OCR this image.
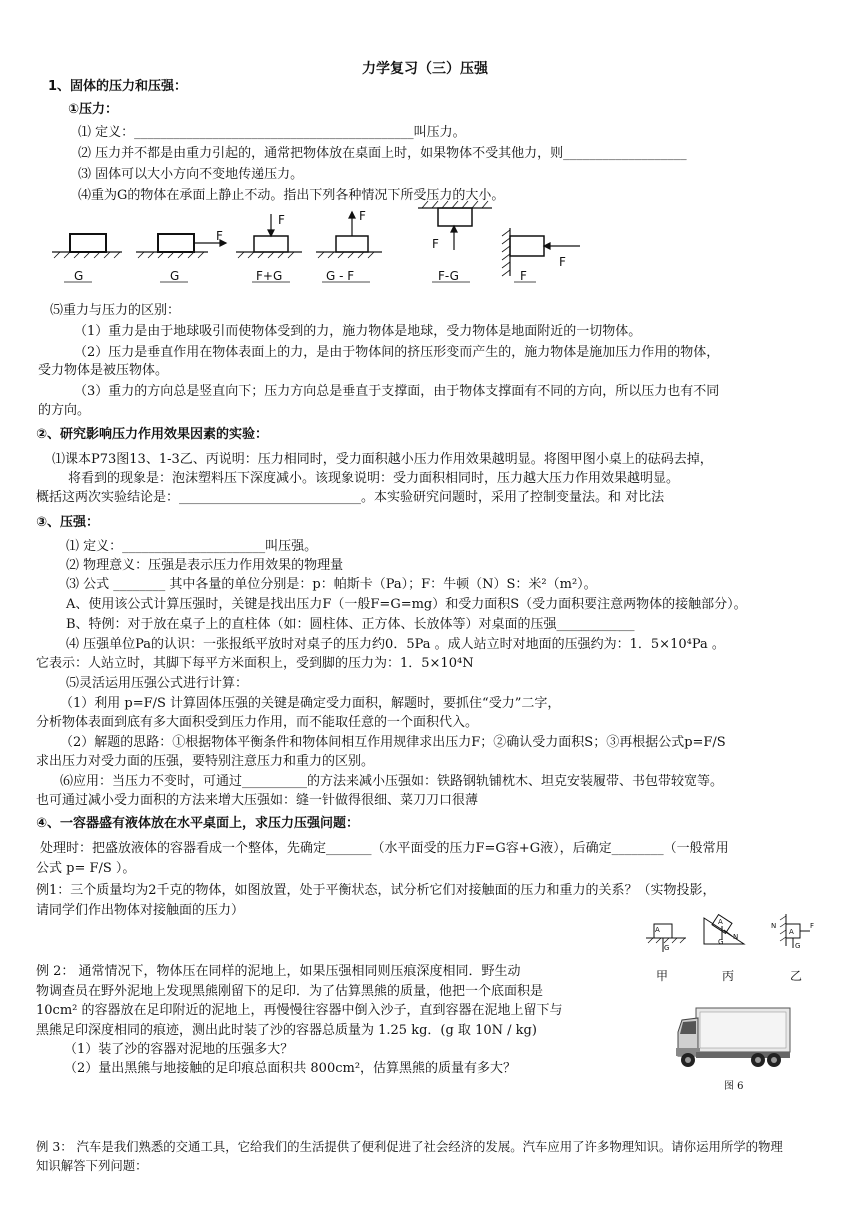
力学复习（三）压强
1、固体的压力和压强：
①压力：
⑴ 定义：___________________________________________叫压力。
⑵ 压力并不都是由重力引起的，通常把物体放在桌面上时，如果物体不受其他力，则___________________
⑶ 固体可以大小方向不变地传递压力。
⑷重为G的物体在承面上静止不动。指出下列各种情况下所受压力的大小。
F
F	F
F
F
G	G	F+G	G - F	F-G	F
⑸重力与压力的区别：
（1）重力是由于地球吸引而使物体受到的力，施力物体是地球，受力物体是地面附近的一切物体。
（2）压力是垂直作用在物体表面上的力，是由于物体间的挤压形变而产生的，施力物体是施加压力作用的物体，
受力物体是被压物体。
（3）重力的方向总是竖直向下；压力方向总是垂直于支撑面，由于物体支撑面有不同的方向，所以压力也有不同
的方向。
②、研究影响压力作用效果因素的实验：
⑴课本P73图13、1-3乙、丙说明：压力相同时，受力面积越小压力作用效果越明显。将图甲图小桌上的砝码去掉，
将看到的现象是：泡沫塑料压下深度减小。该现象说明：受力面积相同时，压力越大压力作用效果越明显。
概括这两次实验结论是：____________________________。本实验研究问题时，采用了控制变量法。和 对比法
③、压强：
⑴ 定义：______________________叫压强。
⑵ 物理意义：压强是表示压力作用效果的物理量
⑶ 公式 ________ 其中各量的单位分别是：p：帕斯卡（Pa）；F：牛顿（N）S：米²（m²）。
A、使用该公式计算压强时，关键是找出压力F（一般F=G=mg）和受力面积S（受力面积要注意两物体的接触部分）。
B、特例：对于放在桌子上的直柱体（如：圆柱体、正方体、长放体等）对桌面的压强____________
⑷ 压强单位Pa的认识：一张报纸平放时对桌子的压力约0．5Pa 。成人站立时对地面的压强约为：1．5×10⁴Pa 。
它表示：人站立时，其脚下每平方米面积上，受到脚的压力为：1．5×10⁴N
⑸灵活运用压强公式进行计算：
（1）利用 p=F/S 计算固体压强的关键是确定受力面积，解题时，要抓住“受力”二字，
分析物体表面到底有多大面积受到压力作用，而不能取任意的一个面积代入。
（2）解题的思路：①根据物体平衡条件和物体间相互作用规律求出压力F；②确认受力面积S；③再根据公式p=F/S
求出压力对受力面的压强，要特别注意压力和重力的区别。
⑹应用：当压力不变时，可通过__________的方法来减小压强如：铁路钢轨铺枕木、坦克安装履带、书包带较宽等。
也可通过减小受力面积的方法来增大压强如：缝一针做得很细、菜刀刀口很薄
④、一容器盛有液体放在水平桌面上，求压力压强问题：
处理时：把盛放液体的容器看成一个整体，先确定_______（水平面受的压力F=G容+G液），后确定________（一般常用
公式 p= F/S ）。
例1：三个质量均为2千克的物体，如图放置，处于平衡状态，试分析它们对接触面的压力和重力的关系？（实物投影，
请同学们作出物体对接触面的压力）
A
G
A
G
N
N
A
F
G
甲	丙	乙
例 2： 通常情况下，物体压在同样的泥地上，如果压强相同则压痕深度相同．野生动
物调查员在野外泥地上发现黑熊刚留下的足印．为了估算黑熊的质量，他把一个底面积是
10cm² 的容器放在足印附近的泥地上，再慢慢往容器中倒入沙子，直到容器在泥地上留下与
黑熊足印深度相同的痕迹，测出此时装了沙的容器总质量为 1.25 kg．(g 取 10N / kg)
（1）装了沙的容器对泥地的压强多大？
（2）量出黑熊与地接触的足印痕总面积共 800cm²，估算黑熊的质量有多大？
图 6
例 3： 汽车是我们熟悉的交通工具，它给我们的生活提供了便利促进了社会经济的发展。汽车应用了许多物理知识。请你运用所学的物理
知识解答下列问题：
